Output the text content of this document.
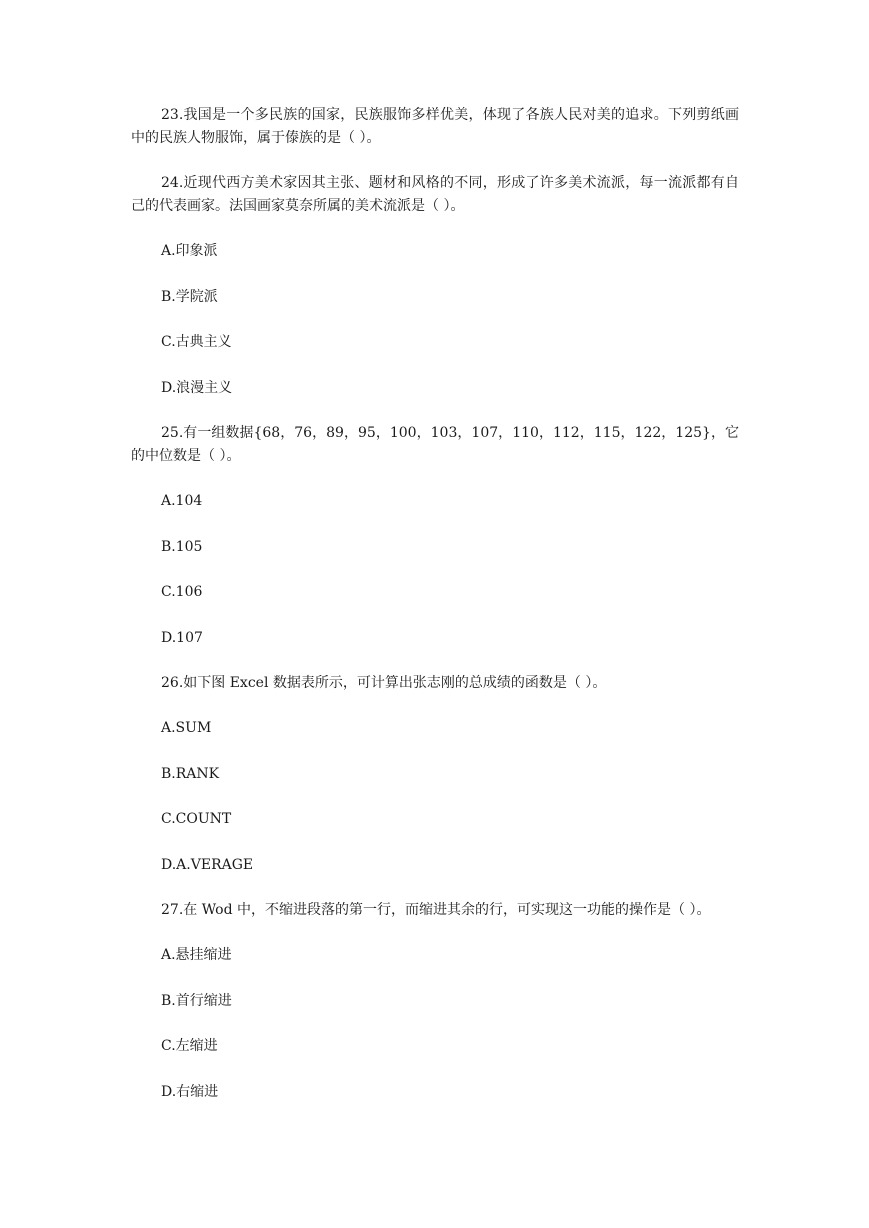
23.我国是一个多民族的国家，民族服饰多样优美，体现了各族人民对美的追求。下列剪纸画中的民族人物服饰，属于傣族的是（ ）。

24.近现代西方美术家因其主张、题材和风格的不同，形成了许多美术流派，每一流派都有自己的代表画家。法国画家莫奈所属的美术流派是（ ）。

A.印象派
B.学院派
C.古典主义
D.浪漫主义

25.有一组数据{68，76，89，95，100，103，107，110，112，115，122，125}，它的中位数是（ ）。

A.104
B.105
C.106
D.107

26.如下图 Excel 数据表所示，可计算出张志刚的总成绩的函数是（ ）。

A.SUM
B.RANK
C.COUNT
D.A.VERAGE

27.在 Wod 中，不缩进段落的第一行，而缩进其余的行，可实现这一功能的操作是（ ）。

A.悬挂缩进
B.首行缩进
C.左缩进
D.右缩进
